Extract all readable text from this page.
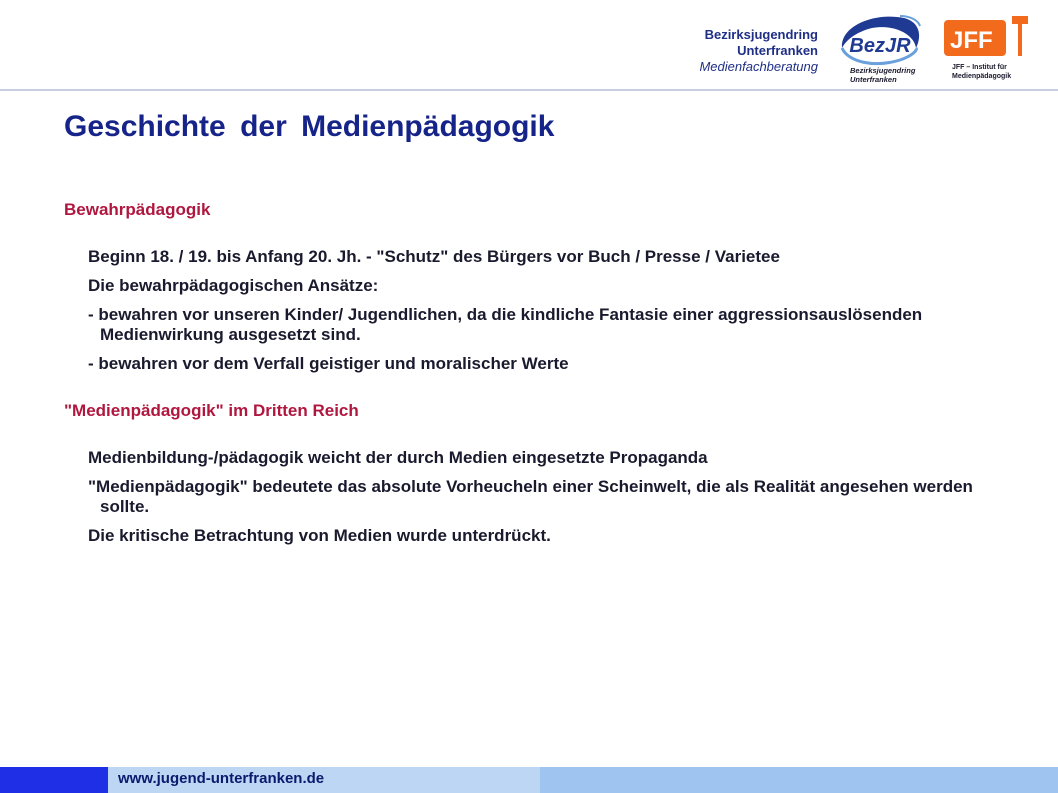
Bezirksjugendring
Unterfranken
Medienfachberatung
BezJR
Bezirksjugendring
Unterfranken
JFF
JFF – Institut für
Medienpädagogik
Geschichte der Medienpädagogik
Bewahrpädagogik
Beginn 18. / 19. bis Anfang 20. Jh. - "Schutz" des Bürgers vor Buch / Presse / Varietee
Die bewahrpädagogischen Ansätze:
- bewahren vor unseren Kinder/ Jugendlichen, da die kindliche Fantasie einer aggressionsauslösenden Medienwirkung ausgesetzt sind.
- bewahren vor dem Verfall geistiger und moralischer Werte
"Medienpädagogik" im Dritten Reich
Medienbildung-/pädagogik weicht der durch Medien eingesetzte Propaganda
"Medienpädagogik" bedeutete das absolute Vorheucheln einer Scheinwelt, die als Realität angesehen werden sollte.
Die kritische Betrachtung von Medien wurde unterdrückt.
www.jugend-unterfranken.de
